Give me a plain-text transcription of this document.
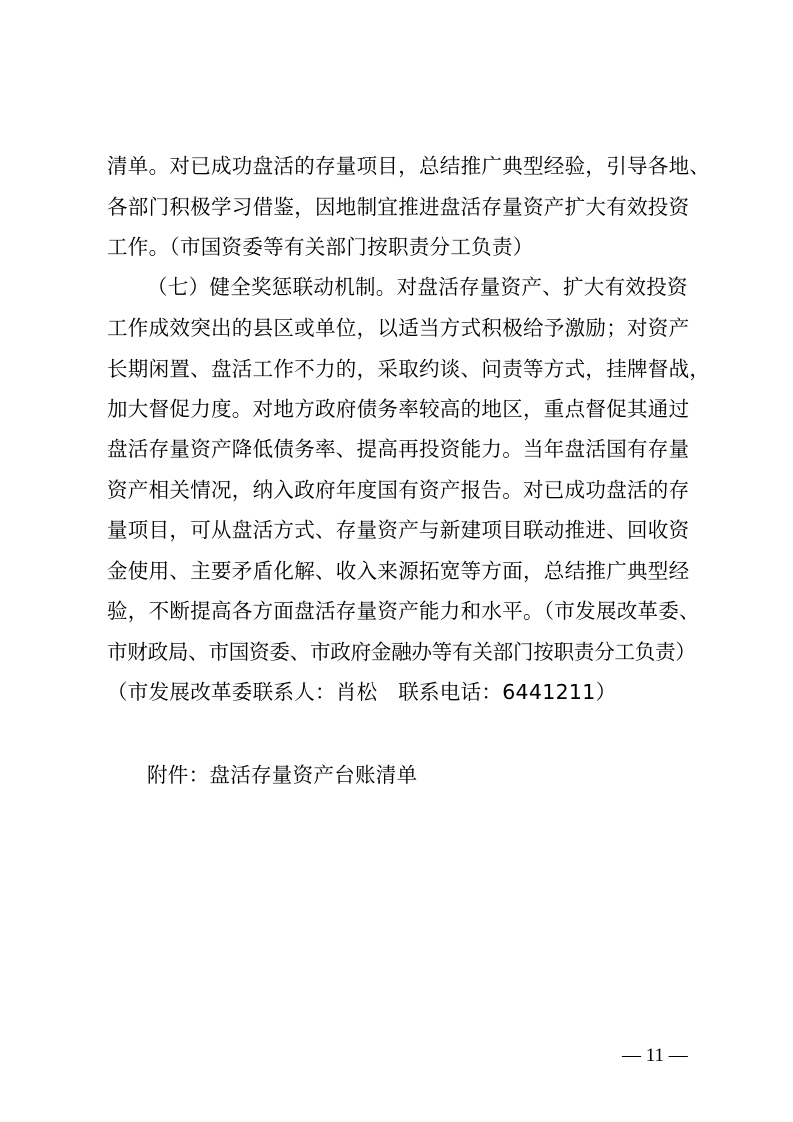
清单。对已成功盘活的存量项目，总结推广典型经验，引导各地、
各部门积极学习借鉴，因地制宜推进盘活存量资产扩大有效投资
工作。（市国资委等有关部门按职责分工负责）
（七）健全奖惩联动机制。对盘活存量资产、扩大有效投资
工作成效突出的县区或单位，以适当方式积极给予激励；对资产
长期闲置、盘活工作不力的，采取约谈、问责等方式，挂牌督战，
加大督促力度。对地方政府债务率较高的地区，重点督促其通过
盘活存量资产降低债务率、提高再投资能力。当年盘活国有存量
资产相关情况，纳入政府年度国有资产报告。对已成功盘活的存
量项目，可从盘活方式、存量资产与新建项目联动推进、回收资
金使用、主要矛盾化解、收入来源拓宽等方面，总结推广典型经
验，不断提高各方面盘活存量资产能力和水平。（市发展改革委、
市财政局、市国资委、市政府金融办等有关部门按职责分工负责）
（市发展改革委联系人：肖松　联系电话：6441211）
附件：盘活存量资产台账清单
— 11 —
